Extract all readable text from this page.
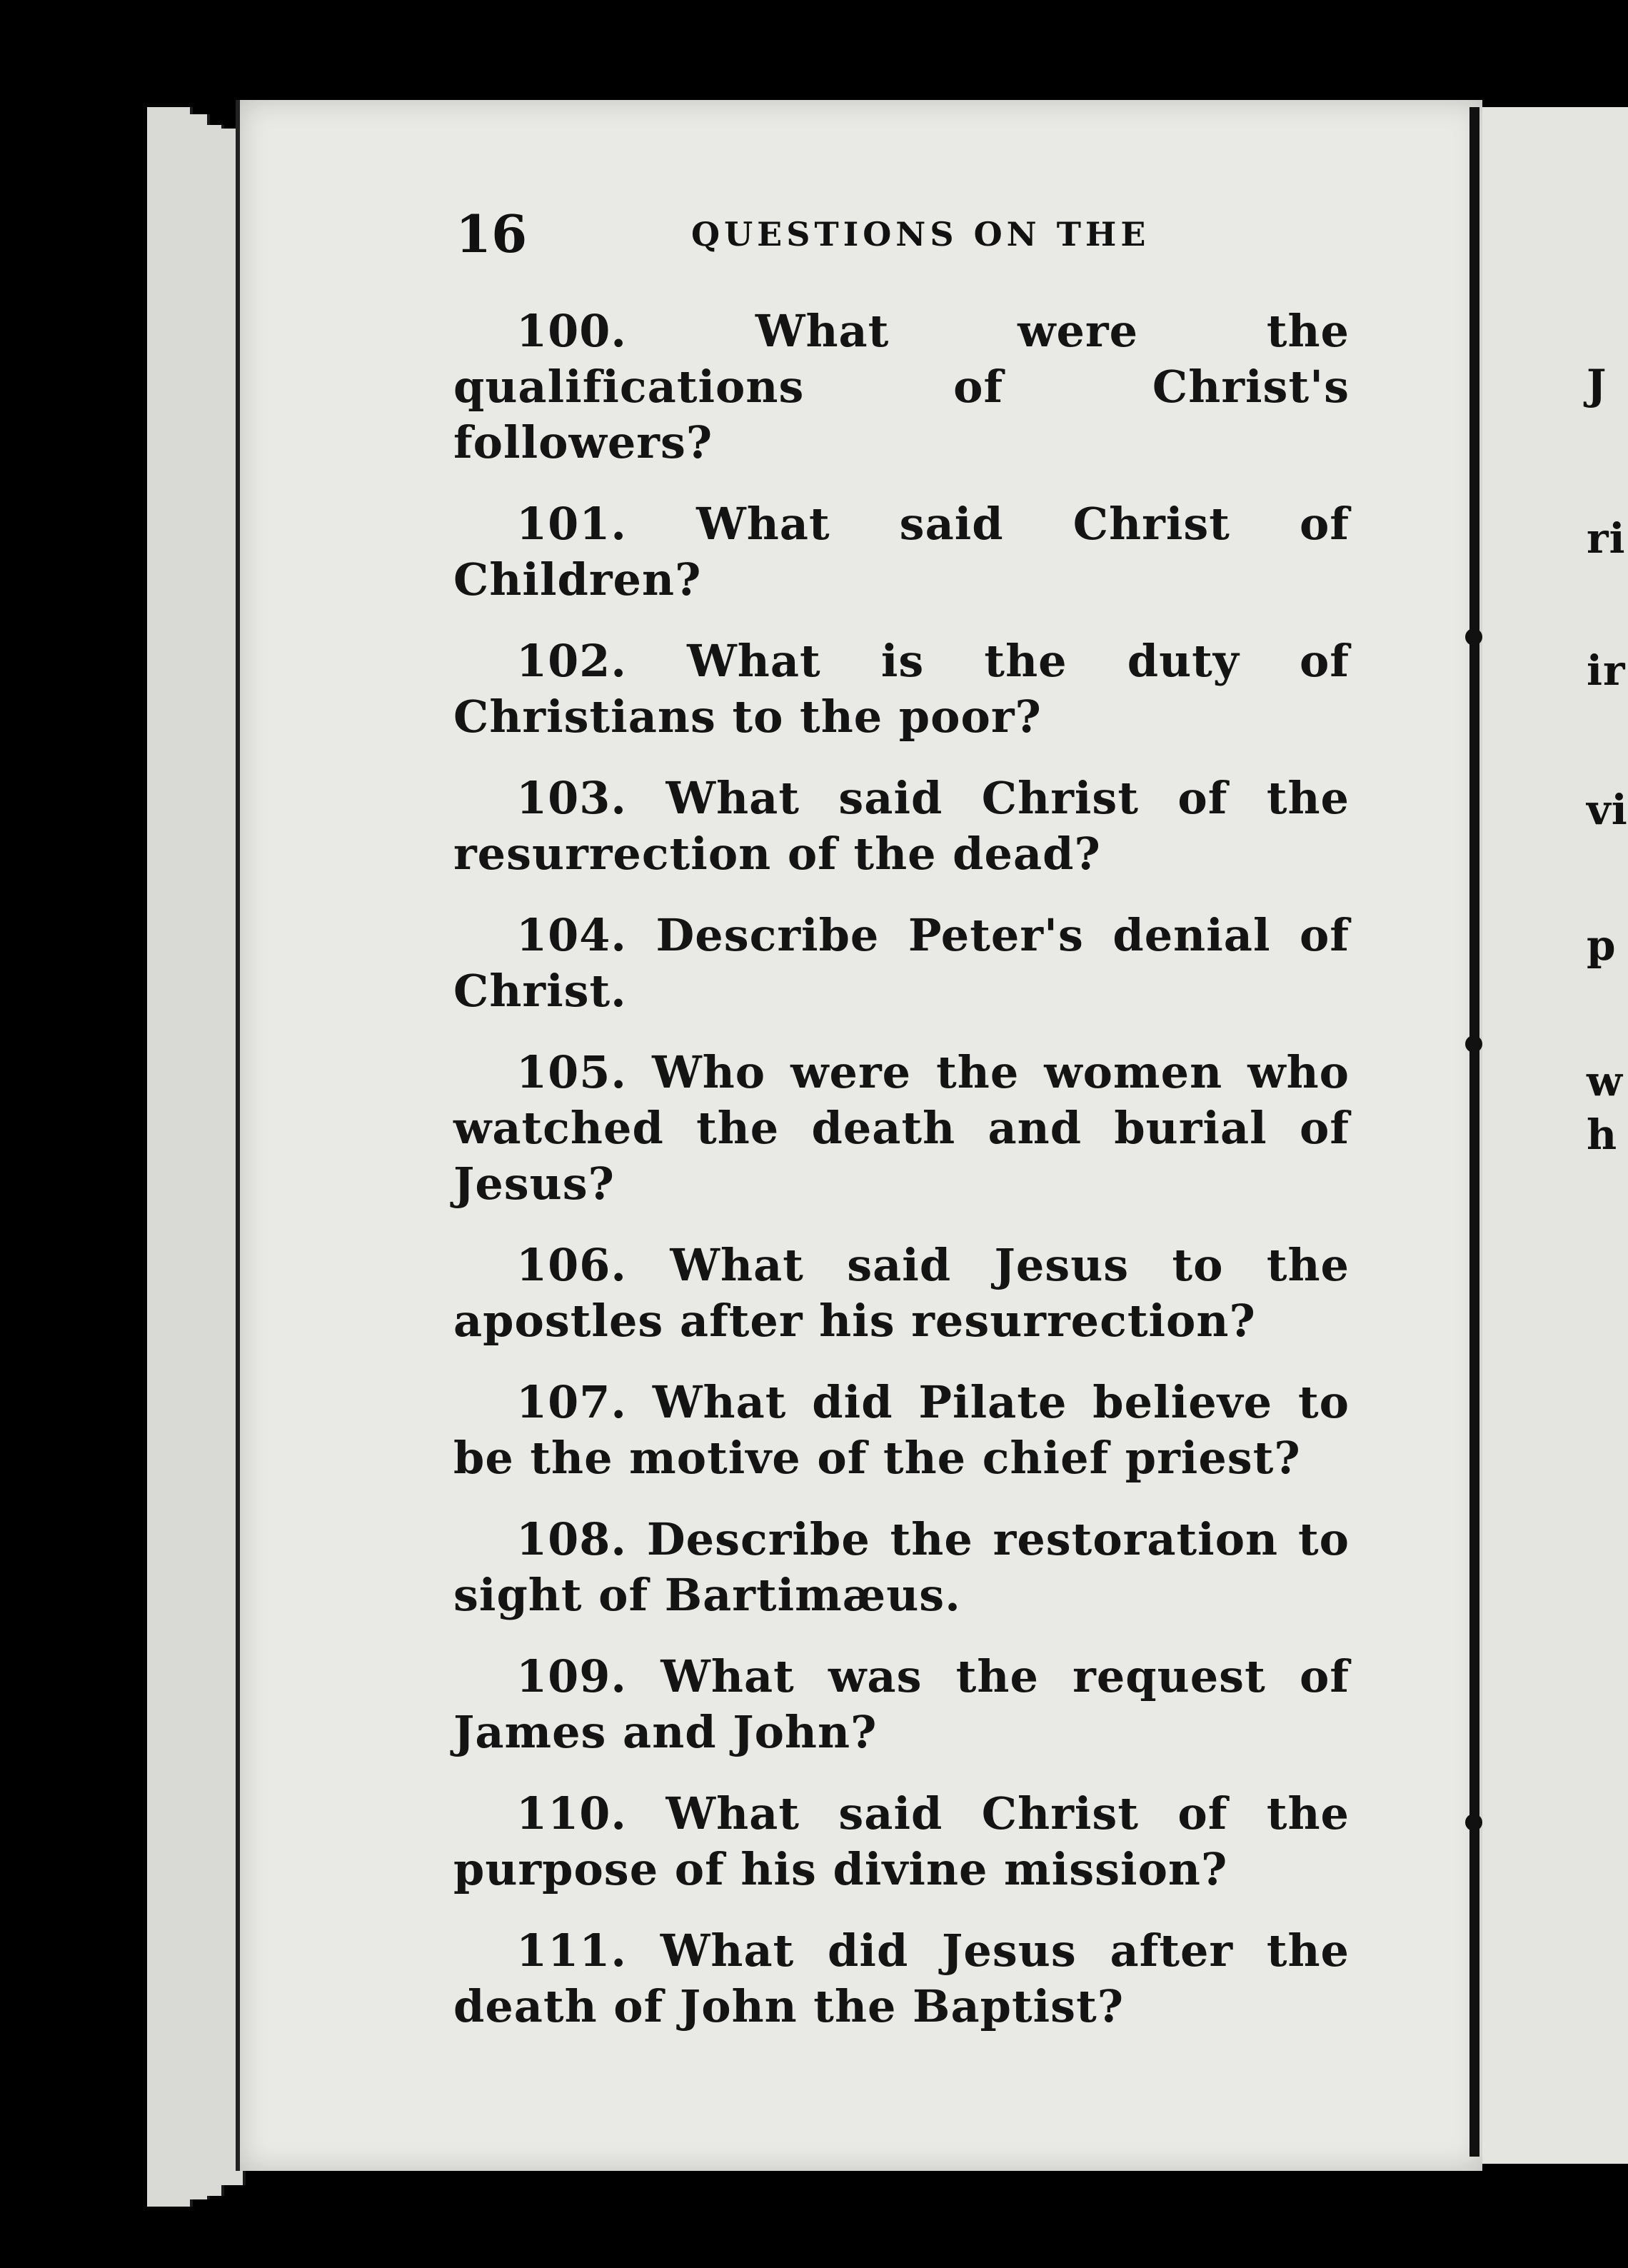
J
ri
ir
vi
p
w
h
16	QUESTIONS ON THE
100.	What were the qualifications of Christ's followers?
101. What said Christ of Children?
102. What is the duty of Christians to the poor?
103. What said Christ of the resurrection of the dead?
104. Describe Peter's denial of Christ.
105. Who were the women who watched the death and burial of Jesus?
106. What said Jesus to the apostles after his resurrection?
107. What did Pilate believe to be the motive of the chief priest?
108. Describe the restoration to sight of Bartimæus.
109. What was the request of James and John?
110. What said Christ of the purpose of his divine mission?
111. What did Jesus after the death of John the Baptist?
